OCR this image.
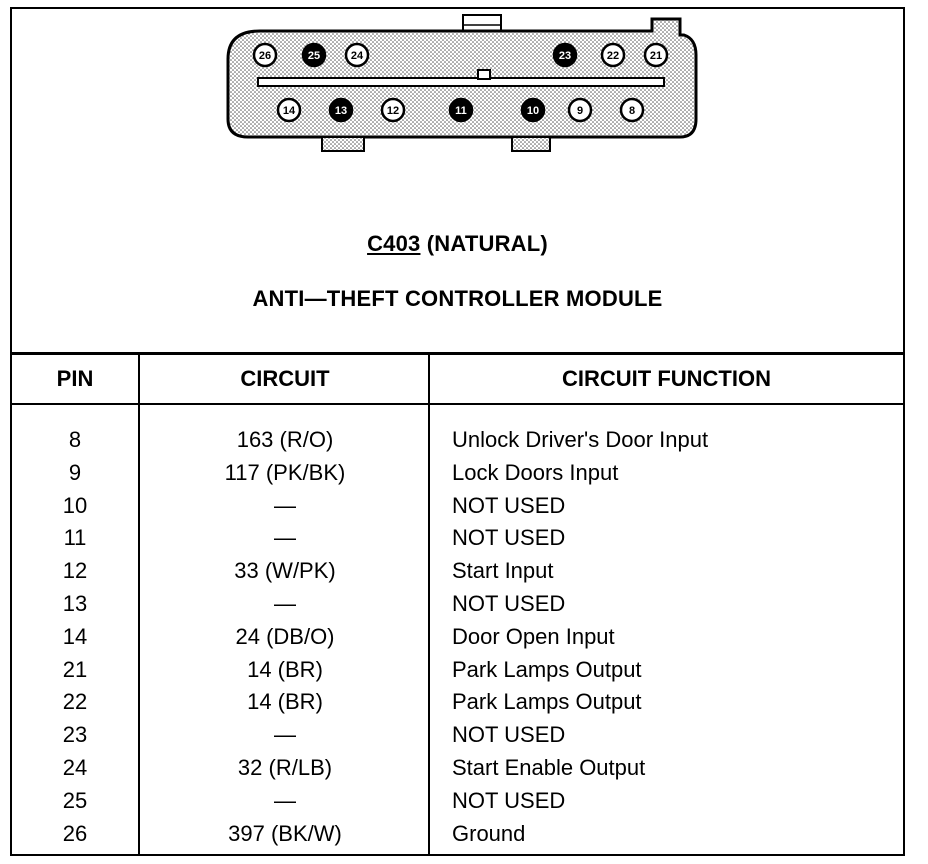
26	25	24	23	22	21
14	13	12	11	10	9	8
C403 (NATURAL)
ANTI—THEFT CONTROLLER MODULE
PIN	CIRCUIT	CIRCUIT FUNCTION
8	163 (R/O)	Unlock Driver's Door Input
9	117 (PK/BK)	Lock Doors Input
10	—	NOT USED
11	—	NOT USED
12	33 (W/PK)	Start Input
13	—	NOT USED
14	24 (DB/O)	Door Open Input
21	14 (BR)	Park Lamps Output
22	14 (BR)	Park Lamps Output
23	—	NOT USED
24	32 (R/LB)	Start Enable Output
25	—	NOT USED
26	397 (BK/W)	Ground
